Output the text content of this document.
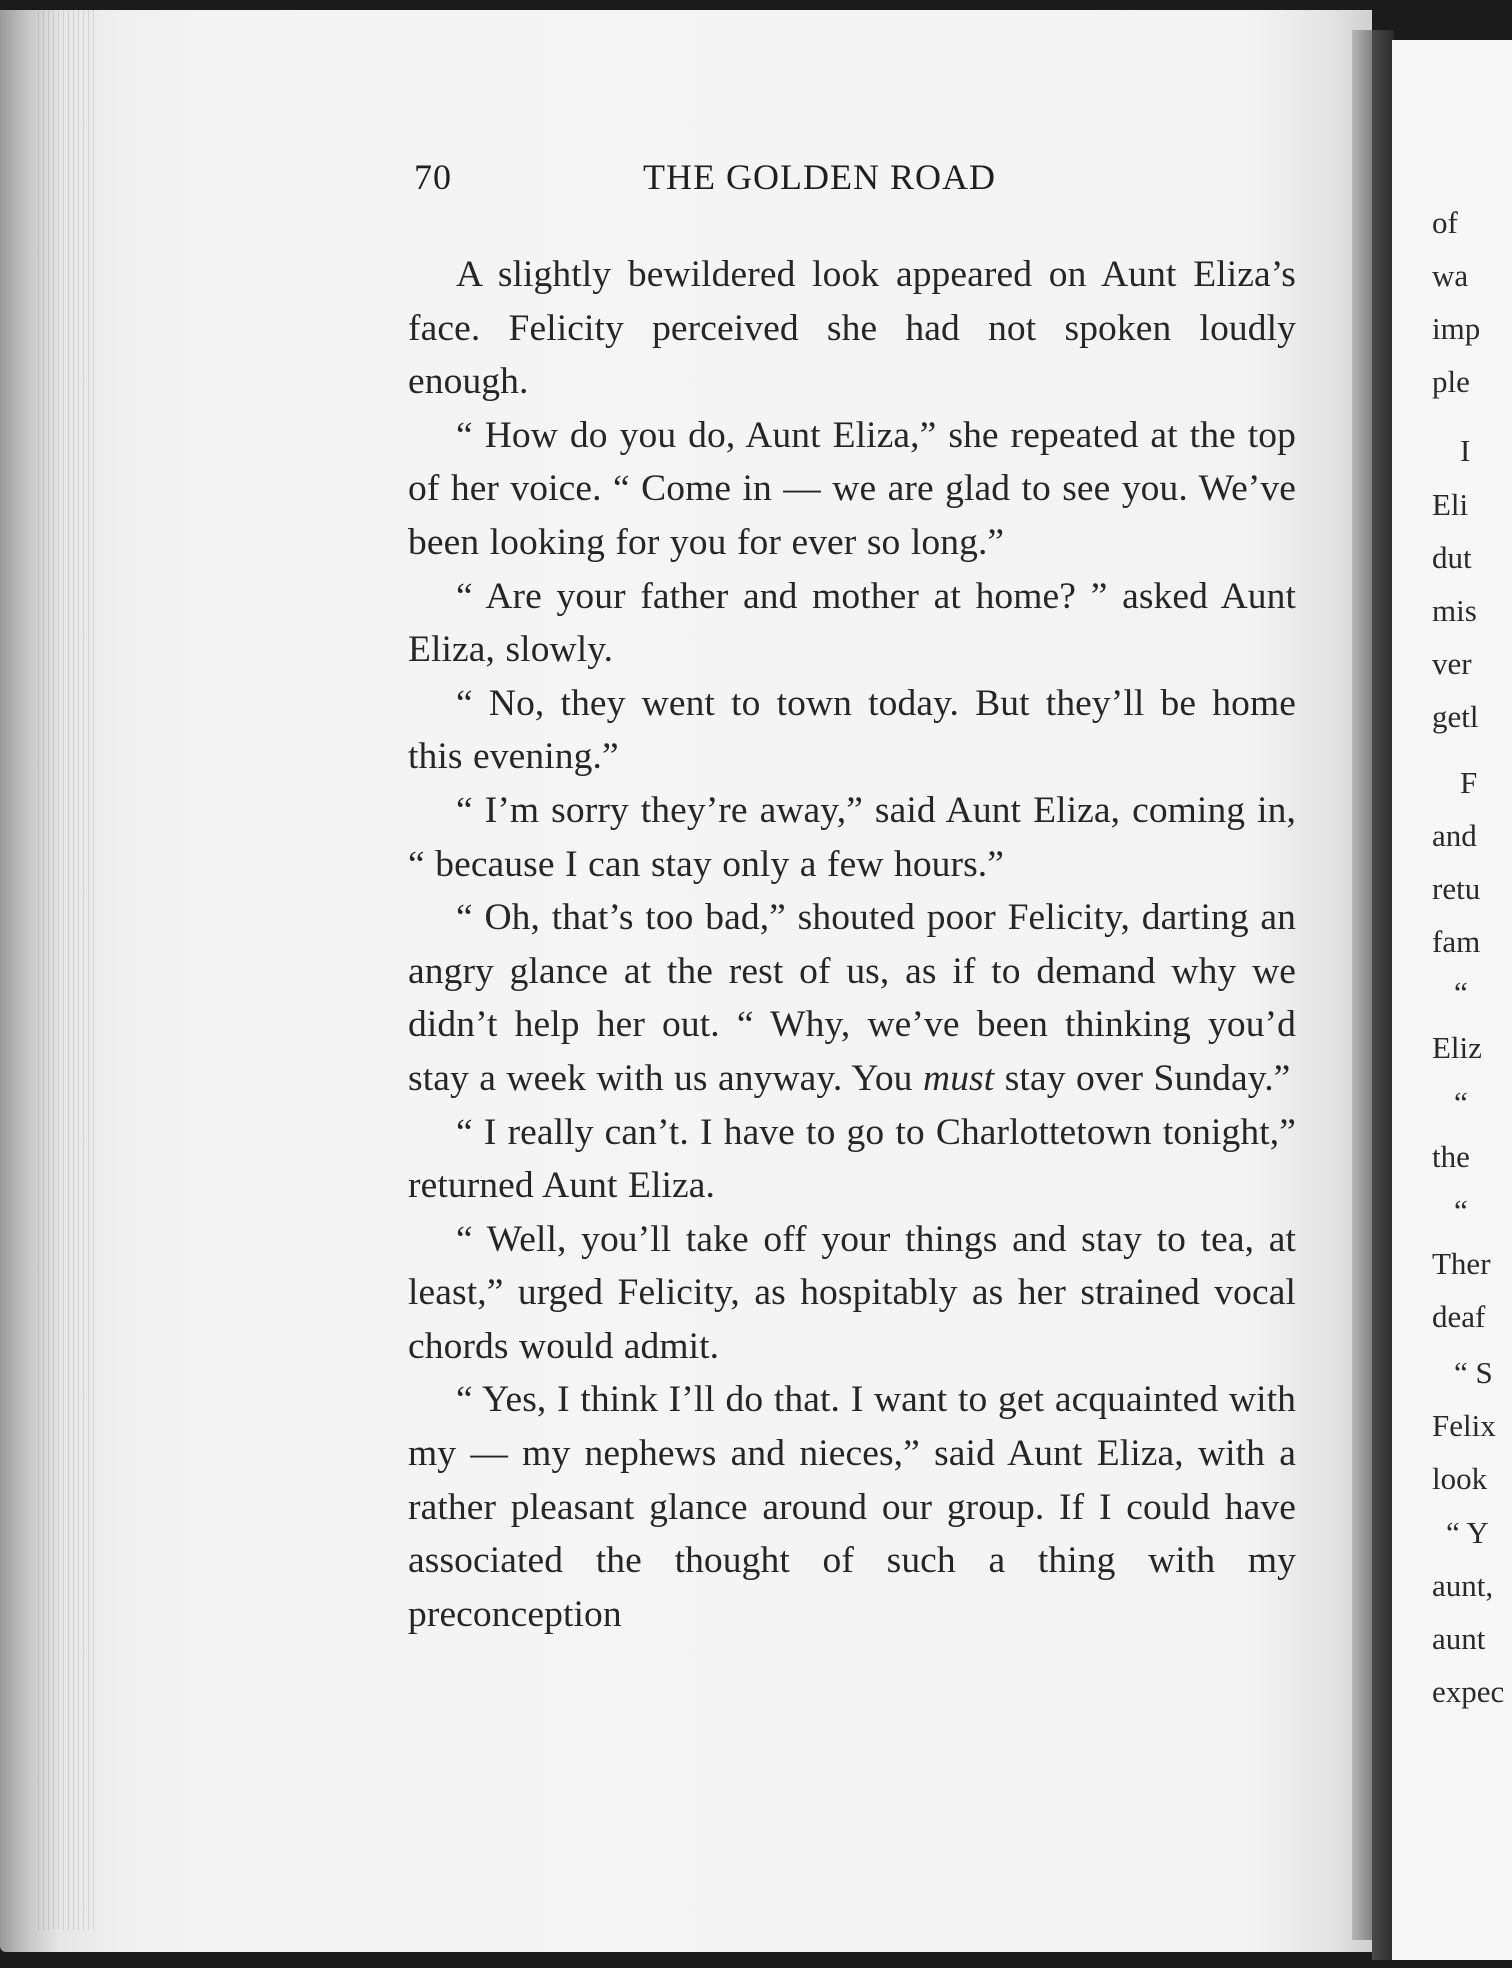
of
wa
imp
ple
I
Eli
dut
mis
ver
getl
F
and
retu
fam
“
Eliz
“
the
“
Ther
deaf
“ S
Felix
look
“ Y
aunt,
aunt
expec
70	THE GOLDEN ROAD

A slightly bewildered look appeared on Aunt Eliza’s face. Felicity perceived she had not spoken loudly enough.

“ How do you do, Aunt Eliza,” she repeated at the top of her voice. “ Come in — we are glad to see you. We’ve been looking for you for ever so long.”

“ Are your father and mother at home? ” asked Aunt Eliza, slowly.

“ No, they went to town today. But they’ll be home this evening.”

“ I’m sorry they’re away,” said Aunt Eliza, coming in, “ because I can stay only a few hours.”

“ Oh, that’s too bad,” shouted poor Felicity, darting an angry glance at the rest of us, as if to demand why we didn’t help her out. “ Why, we’ve been thinking you’d stay a week with us anyway. You must stay over Sunday.”

“ I really can’t. I have to go to Charlottetown tonight,” returned Aunt Eliza.

“ Well, you’ll take off your things and stay to tea, at least,” urged Felicity, as hospitably as her strained vocal chords would admit.

“ Yes, I think I’ll do that. I want to get acquainted with my — my nephews and nieces,” said Aunt Eliza, with a rather pleasant glance around our group. If I could have associated the thought of such a thing with my preconception
